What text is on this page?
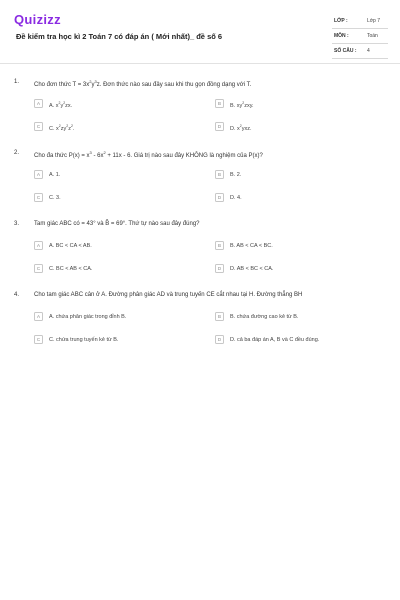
Quizizz
Đề kiểm tra học kì 2 Toán 7 có đáp án ( Mới nhất)_ đề số 6
LỚP :	Lớp 7
MÔN :	Toán
SỐ CÂU : 4
1. Cho đơn thức $T = 3x^2y^3z$. Đơn thức nào sau đây sau khi thu gọn đồng dạng với T.
A	A. $x^2y^2zx$.	B	B. $xy^2zxy$.
C	C. $x^2zy^2z^2$.	D	D. $x^2yxz$.
2. Cho đa thức $P(x) = x^3 - 6x^2 + 11x - 6$. Giá trị nào sau đây KHÔNG là nghiệm của P(x)?
A	A. 1.	B	B. 2.
C	C. 3.	D	D. 4.
3. Tam giác ABC có = 43° và B̂ = 69°. Thứ tự nào sau đây đúng?
A	A. BC < CA < AB.	B	B. AB < CA < BC.
C	C. BC < AB < CA.	D	D. AB < BC < CA.
4. Cho tam giác ABC cân ở A. Đường phân giác AD và trung tuyến CE cắt nhau tại H. Đường thẳng BH
A	A. chứa phân giác trong đỉnh B.	B	B. chứa đường cao kẻ từ B.
C	C. chứa trung tuyến kẻ từ B.	D	D. cả ba đáp án A, B và C đều đúng.
